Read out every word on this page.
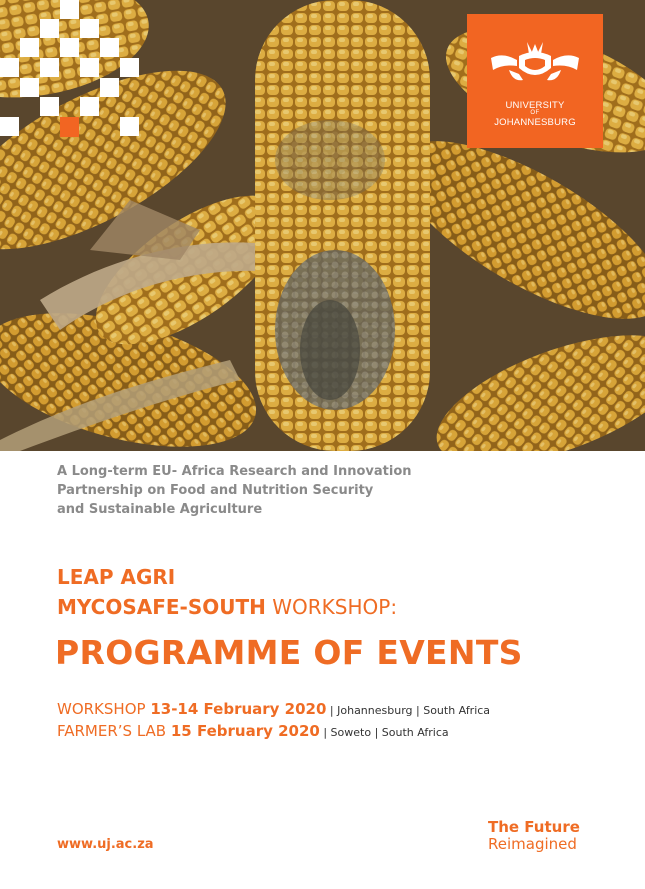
UNIVERSITY
OF
JOHANNESBURG
A Long-term EU- Africa Research and Innovation
Partnership on Food and Nutrition Security
and Sustainable Agriculture
LEAP AGRI
MYCOSAFE-SOUTH WORKSHOP:
PROGRAMME OF EVENTS
WORKSHOP 13-14 February 2020 | Johannesburg | South Africa
FARMER’S LAB 15 February 2020 | Soweto | South Africa
www.uj.ac.za
The Future
Reimagined
